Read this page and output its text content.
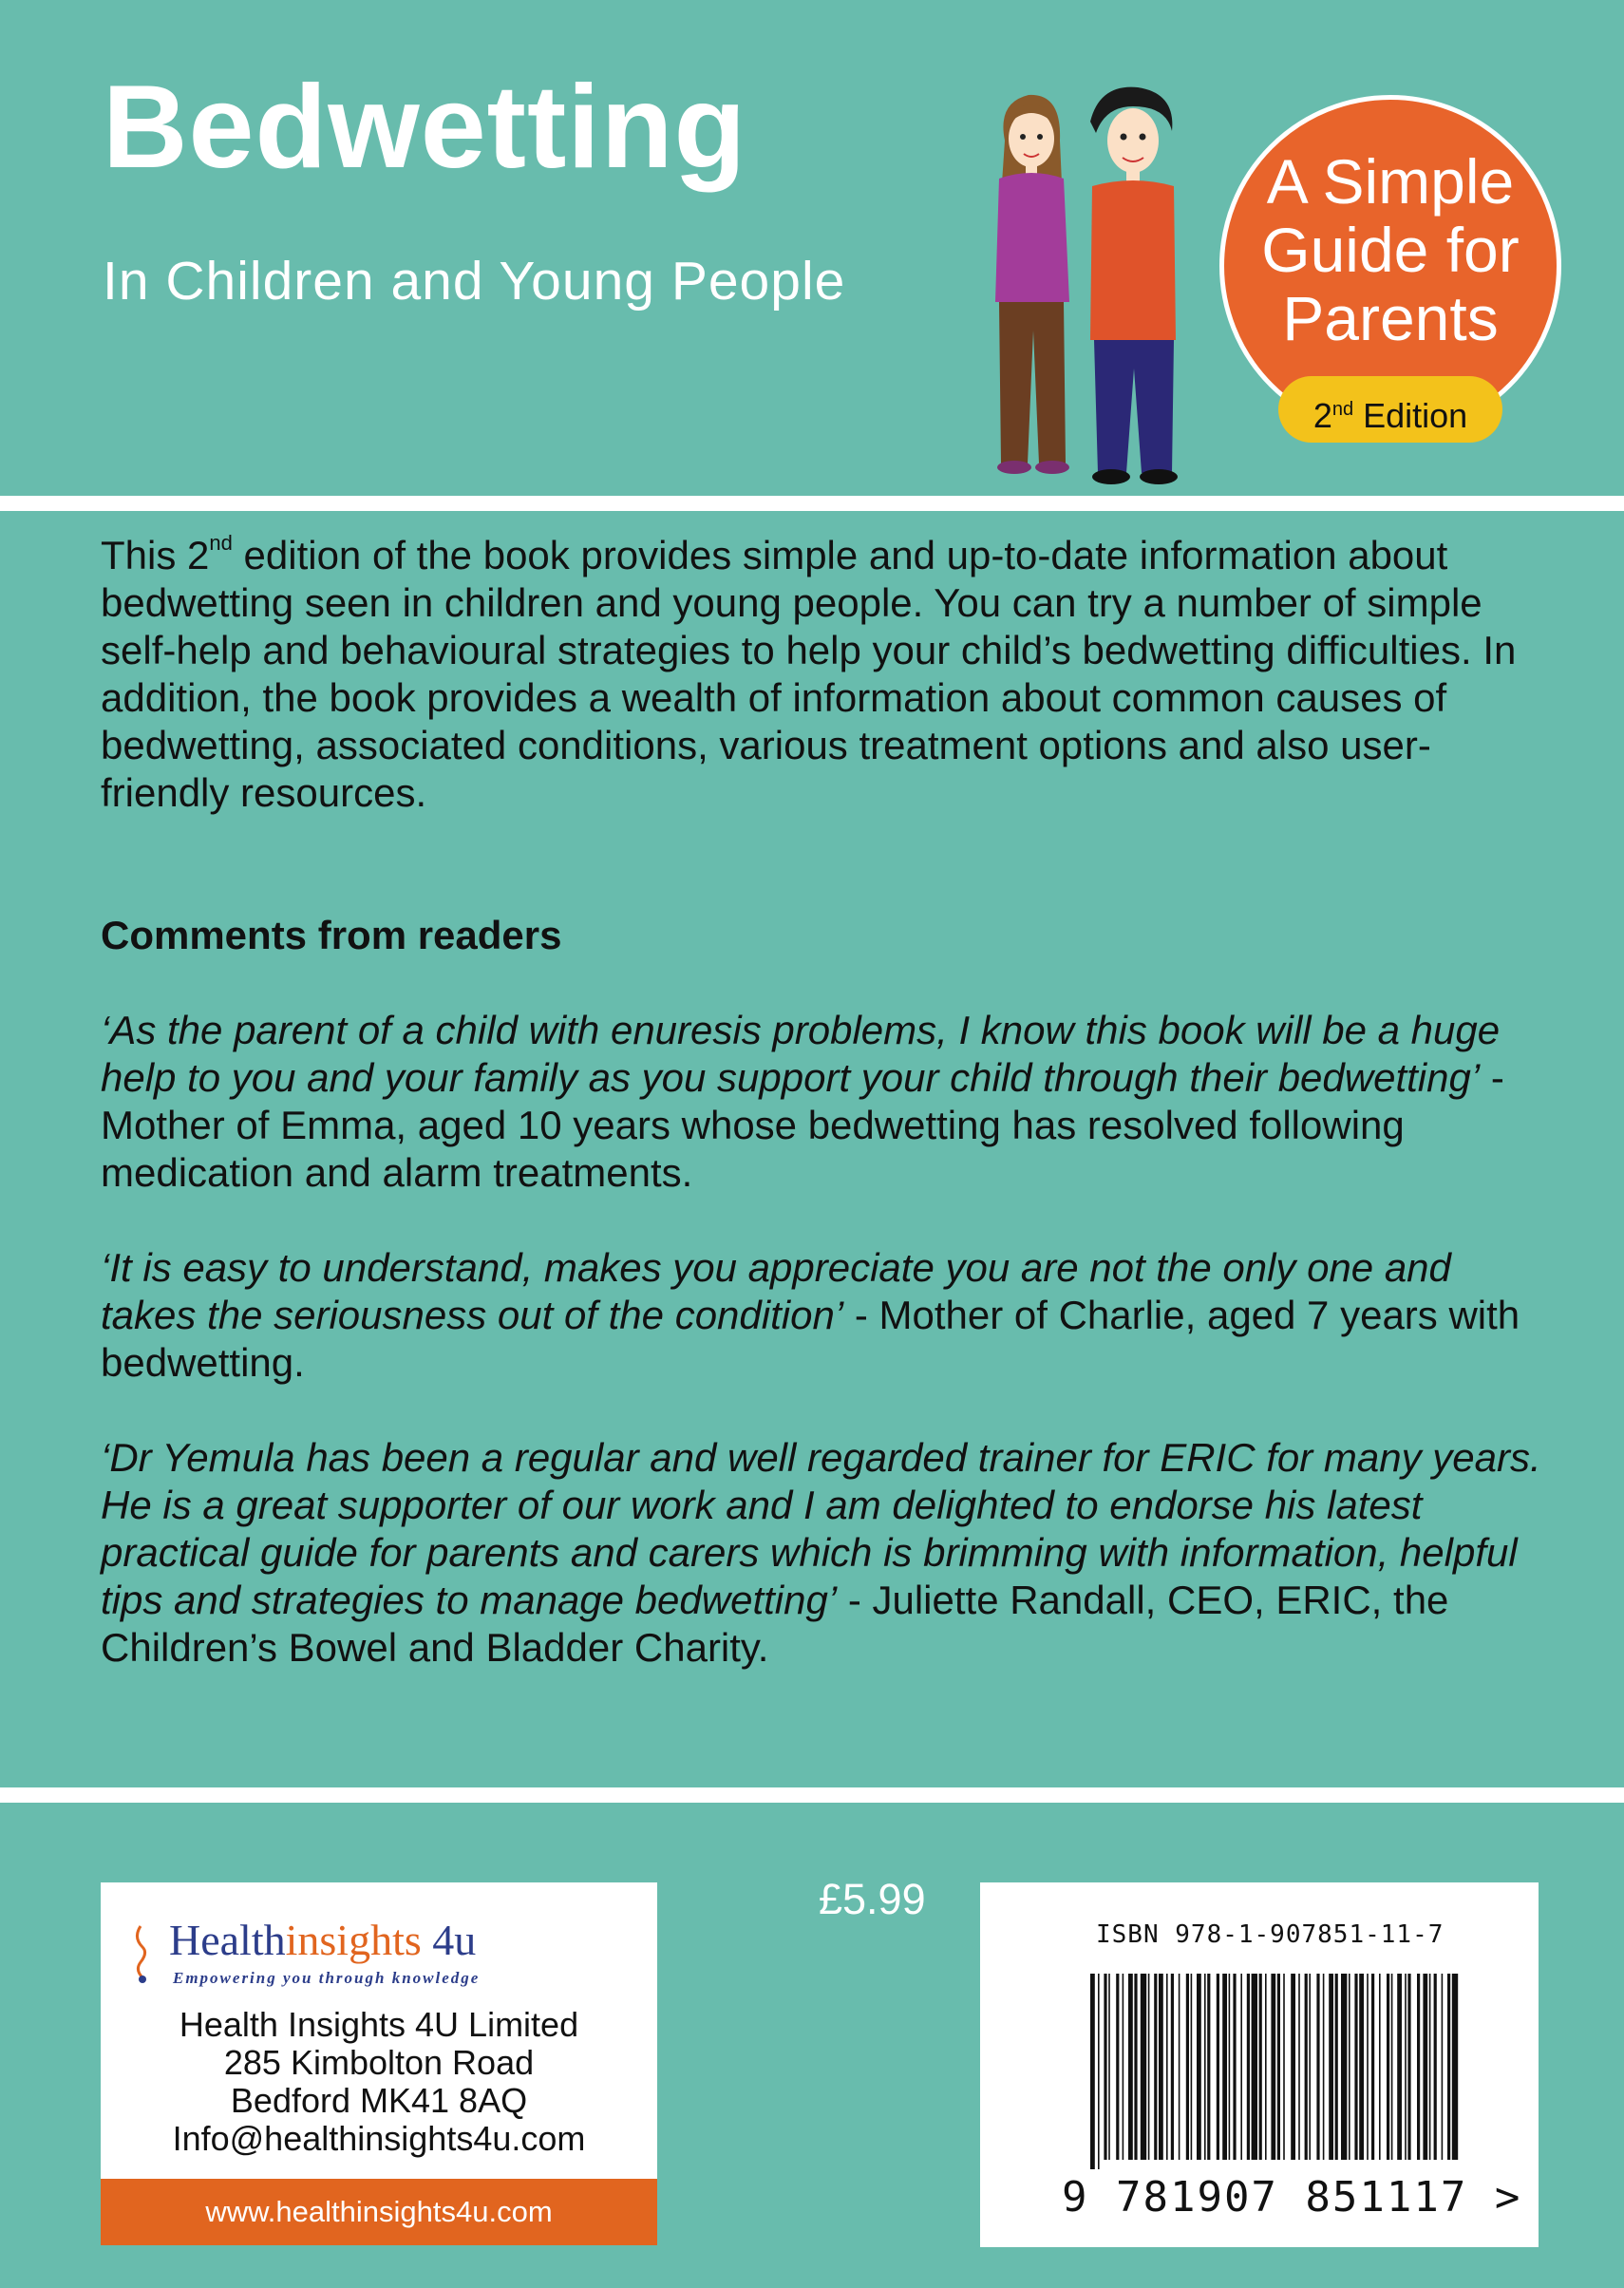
Bedwetting
In Children and Young People
A Simple
Guide for
Parents
2nd Edition

This 2nd edition of the book provides simple and up-to-date information about bedwetting seen in children and young people. You can try a number of simple self-help and behavioural strategies to help your child’s bedwetting difficulties. In addition, the book provides a wealth of information about common causes of bedwetting, associated conditions, various treatment options and also user-friendly resources.

Comments from readers
‘As the parent of a child with enuresis problems, I know this book will be a huge help to you and your family as you support your child through their bedwetting’ - Mother of Emma, aged 10 years whose bedwetting has resolved following medication and alarm treatments.
‘It is easy to understand, makes you appreciate you are not the only one and takes the seriousness out of the condition’ - Mother of Charlie, aged 7 years with bedwetting.
‘Dr Yemula has been a regular and well regarded trainer for ERIC for many years. He is a great supporter of our work and I am delighted to endorse his latest practical guide for parents and carers which is brimming with information, helpful tips and strategies to manage bedwetting’ - Juliette Randall, CEO, ERIC, the Children’s Bowel and Bladder Charity.
Healthinsights 4u
Empowering you through knowledge
Health Insights 4U Limited
285 Kimbolton Road
Bedford MK41 8AQ
Info@healthinsights4u.com
www.healthinsights4u.com
£5.99
ISBN 978-1-907851-11-7
9 781907 851117 >
